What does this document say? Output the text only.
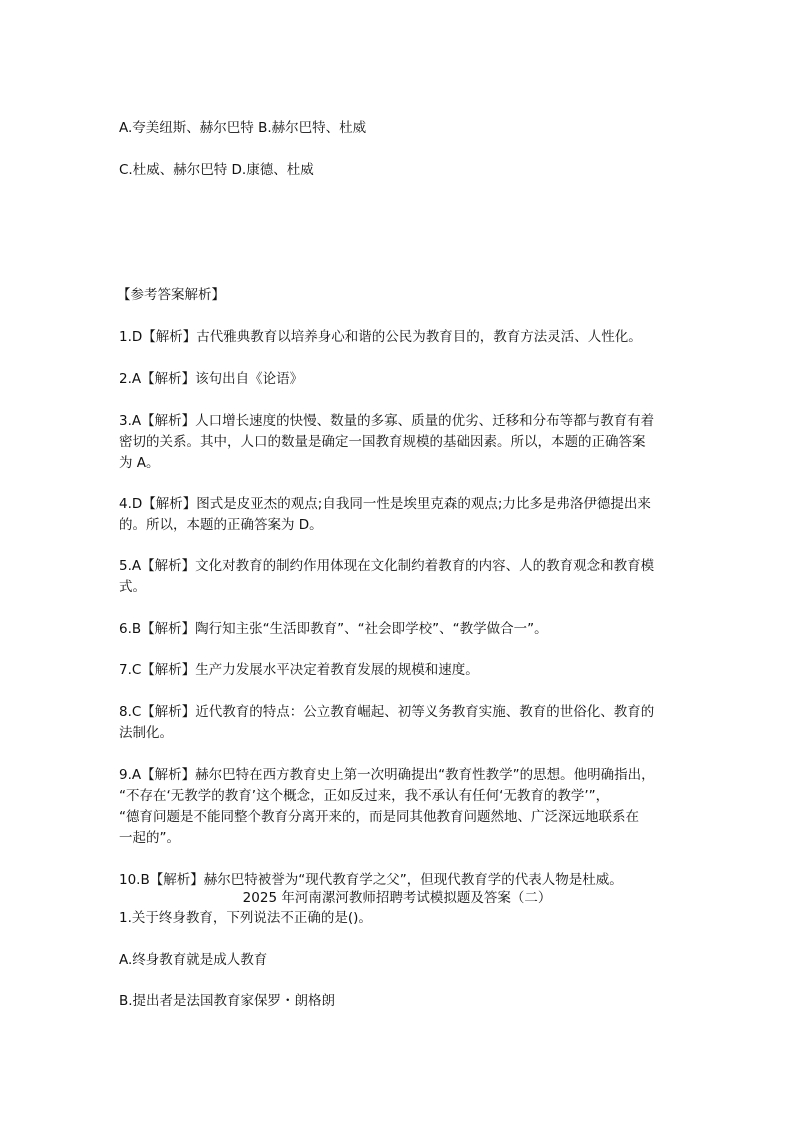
A.夸美纽斯、赫尔巴特 B.赫尔巴特、杜威
C.杜威、赫尔巴特 D.康德、杜威
【参考答案解析】
1.D【解析】古代雅典教育以培养身心和谐的公民为教育目的，教育方法灵活、人性化。
2.A【解析】该句出自《论语》
3.A【解析】人口增长速度的快慢、数量的多寡、质量的优劣、迁移和分布等都与教育有着
密切的关系。其中，人口的数量是确定一国教育规模的基础因素。所以，本题的正确答案
为 A。
4.D【解析】图式是皮亚杰的观点;自我同一性是埃里克森的观点;力比多是弗洛伊德提出来
的。所以，本题的正确答案为 D。
5.A【解析】文化对教育的制约作用体现在文化制约着教育的内容、人的教育观念和教育模
式。
6.B【解析】陶行知主张“生活即教育”、“社会即学校”、“教学做合一”。
7.C【解析】生产力发展水平决定着教育发展的规模和速度。
8.C【解析】近代教育的特点：公立教育崛起、初等义务教育实施、教育的世俗化、教育的
法制化。
9.A【解析】赫尔巴特在西方教育史上第一次明确提出“教育性教学”的思想。他明确指出，
“不存在‘无教学的教育’这个概念，正如反过来，我不承认有任何‘无教育的教学’”，
“德育问题是不能同整个教育分离开来的，而是同其他教育问题然地、广泛深远地联系在
一起的”。
10.B【解析】赫尔巴特被誉为“现代教育学之父”，但现代教育学的代表人物是杜威。
2025 年河南漯河教师招聘考试模拟题及答案（二）
1.关于终身教育，下列说法不正确的是()。
A.终身教育就是成人教育
B.提出者是法国教育家保罗・朗格朗
